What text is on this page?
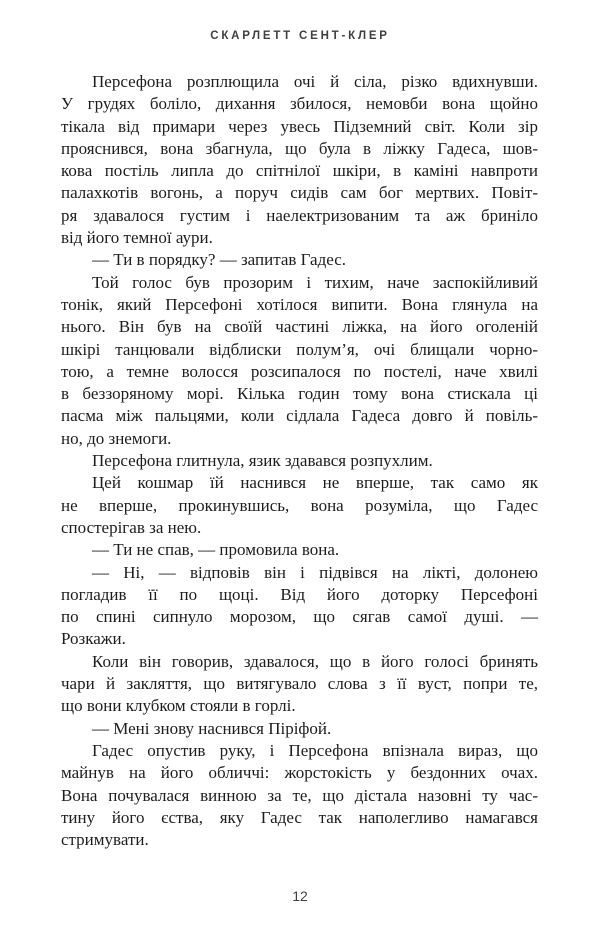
СКАРЛЕТТ СЕНТ-КЛЕР
Персефона розплющила очі й сіла, різко вдихнувши.
У грудях боліло, дихання збилося, немовби вона щойно
тікала від примари через увесь Підземний світ. Коли зір
прояснився, вона збагнула, що була в ліжку Гадеса, шов-
кова постіль липла до спітнілої шкіри, в каміні навпроти
палахкотів вогонь, а поруч сидів сам бог мертвих. Повіт-
ря здавалося густим і наелектризованим та аж бриніло
від його темної аури.
— Ти в порядку? — запитав Гадес.
Той голос був прозорим і тихим, наче заспокійливий
тонік, який Персефоні хотілося випити. Вона глянула на
нього. Він був на своїй частині ліжка, на його оголеній
шкірі танцювали відблиски полум’я, очі блищали чорно-
тою, а темне волосся розсипалося по постелі, наче хвилі
в беззоряному морі. Кілька годин тому вона стискала ці
пасма між пальцями, коли сідлала Гадеса довго й повіль-
но, до знемоги.
Персефона глитнула, язик здавався розпухлим.
Цей кошмар їй наснився не вперше, так само як
не вперше, прокинувшись, вона розуміла, що Гадес
спостерігав за нею.
— Ти не спав, — промовила вона.
— Ні, — відповів він і підвівся на лікті, долонею
погладив її по щоці. Від його доторку Персефоні
по спині сипнуло морозом, що сягав самої душі. —
Розкажи.
Коли він говорив, здавалося, що в його голосі бринять
чари й закляття, що витягувало слова з її вуст, попри те,
що вони клубком стояли в горлі.
— Мені знову наснився Піріфой.
Гадес опустив руку, і Персефона впізнала вираз, що
майнув на його обличчі: жорстокість у бездонних очах.
Вона почувалася винною за те, що дістала назовні ту час-
тину його єства, яку Гадес так наполегливо намагався
стримувати.
12
